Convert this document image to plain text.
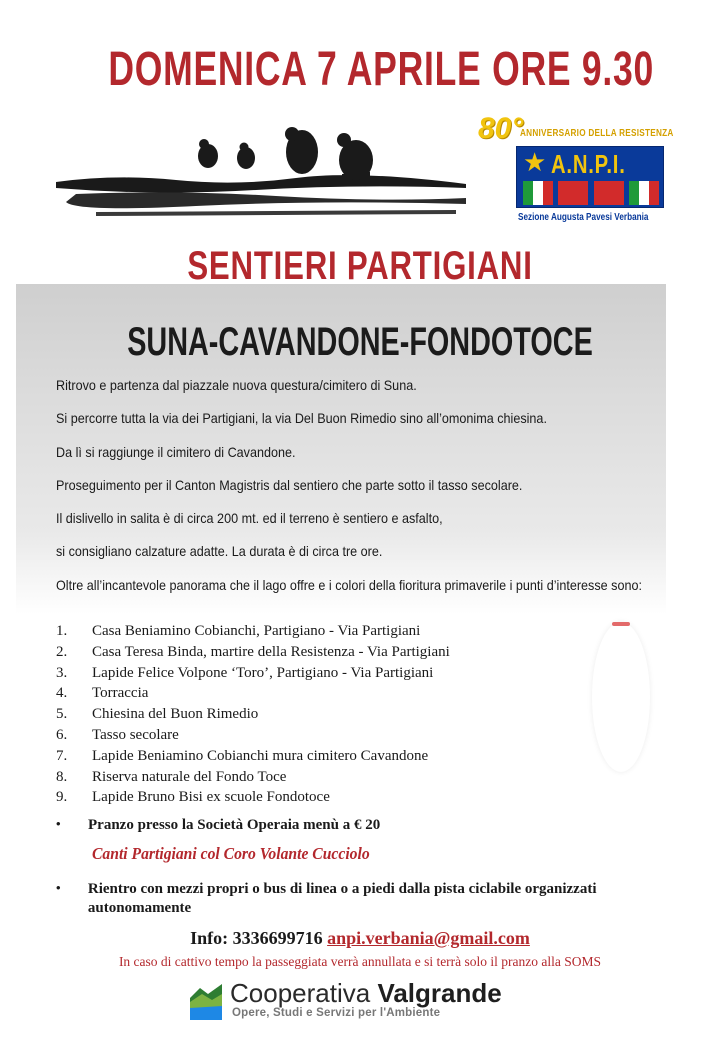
DOMENICA 7 APRILE ORE 9.30
80°
ANNIVERSARIO DELLA RESISTENZA
★ A.N.P.I.
Sezione Augusta Pavesi Verbania
SENTIERI PARTIGIANI
SUNA-CAVANDONE-FONDOTOCE
Ritrovo e partenza dal piazzale nuova questura/cimitero di Suna.
Si percorre tutta la via dei Partigiani, la via Del Buon Rimedio sino all’omonima chiesina.
Da lì si raggiunge il cimitero di Cavandone.
Proseguimento per il Canton Magistris dal sentiero che parte sotto il tasso secolare.
Il dislivello in salita è di circa 200 mt. ed il terreno è sentiero e asfalto,
si consigliano calzature adatte. La durata è di circa tre ore.
Oltre all’incantevole panorama che il lago offre e i colori della fioritura primaverile i punti d’interesse sono:
1.	Casa Beniamino Cobianchi, Partigiano - Via Partigiani
2.	Casa Teresa Binda, martire della Resistenza - Via Partigiani
3.	Lapide Felice Volpone ‘Toro’, Partigiano - Via Partigiani
4.	Torraccia
5.	Chiesina del Buon Rimedio
6.	Tasso secolare
7.	Lapide Beniamino Cobianchi mura cimitero Cavandone
8.	Riserva naturale del Fondo Toce
9.	Lapide Bruno Bisi ex scuole Fondotoce
•	Pranzo presso la Società Operaia menù a € 20
Canti Partigiani col Coro Volante Cucciolo
•	Rientro con mezzi propri o bus di linea o a piedi dalla pista ciclabile organizzati autonomamente
Info: 3336699716 anpi.verbania@gmail.com
In caso di cattivo tempo la passeggiata verrà annullata e si terrà solo il pranzo alla SOMS
Cooperativa Valgrande
Opere, Studi e Servizi per l'Ambiente
